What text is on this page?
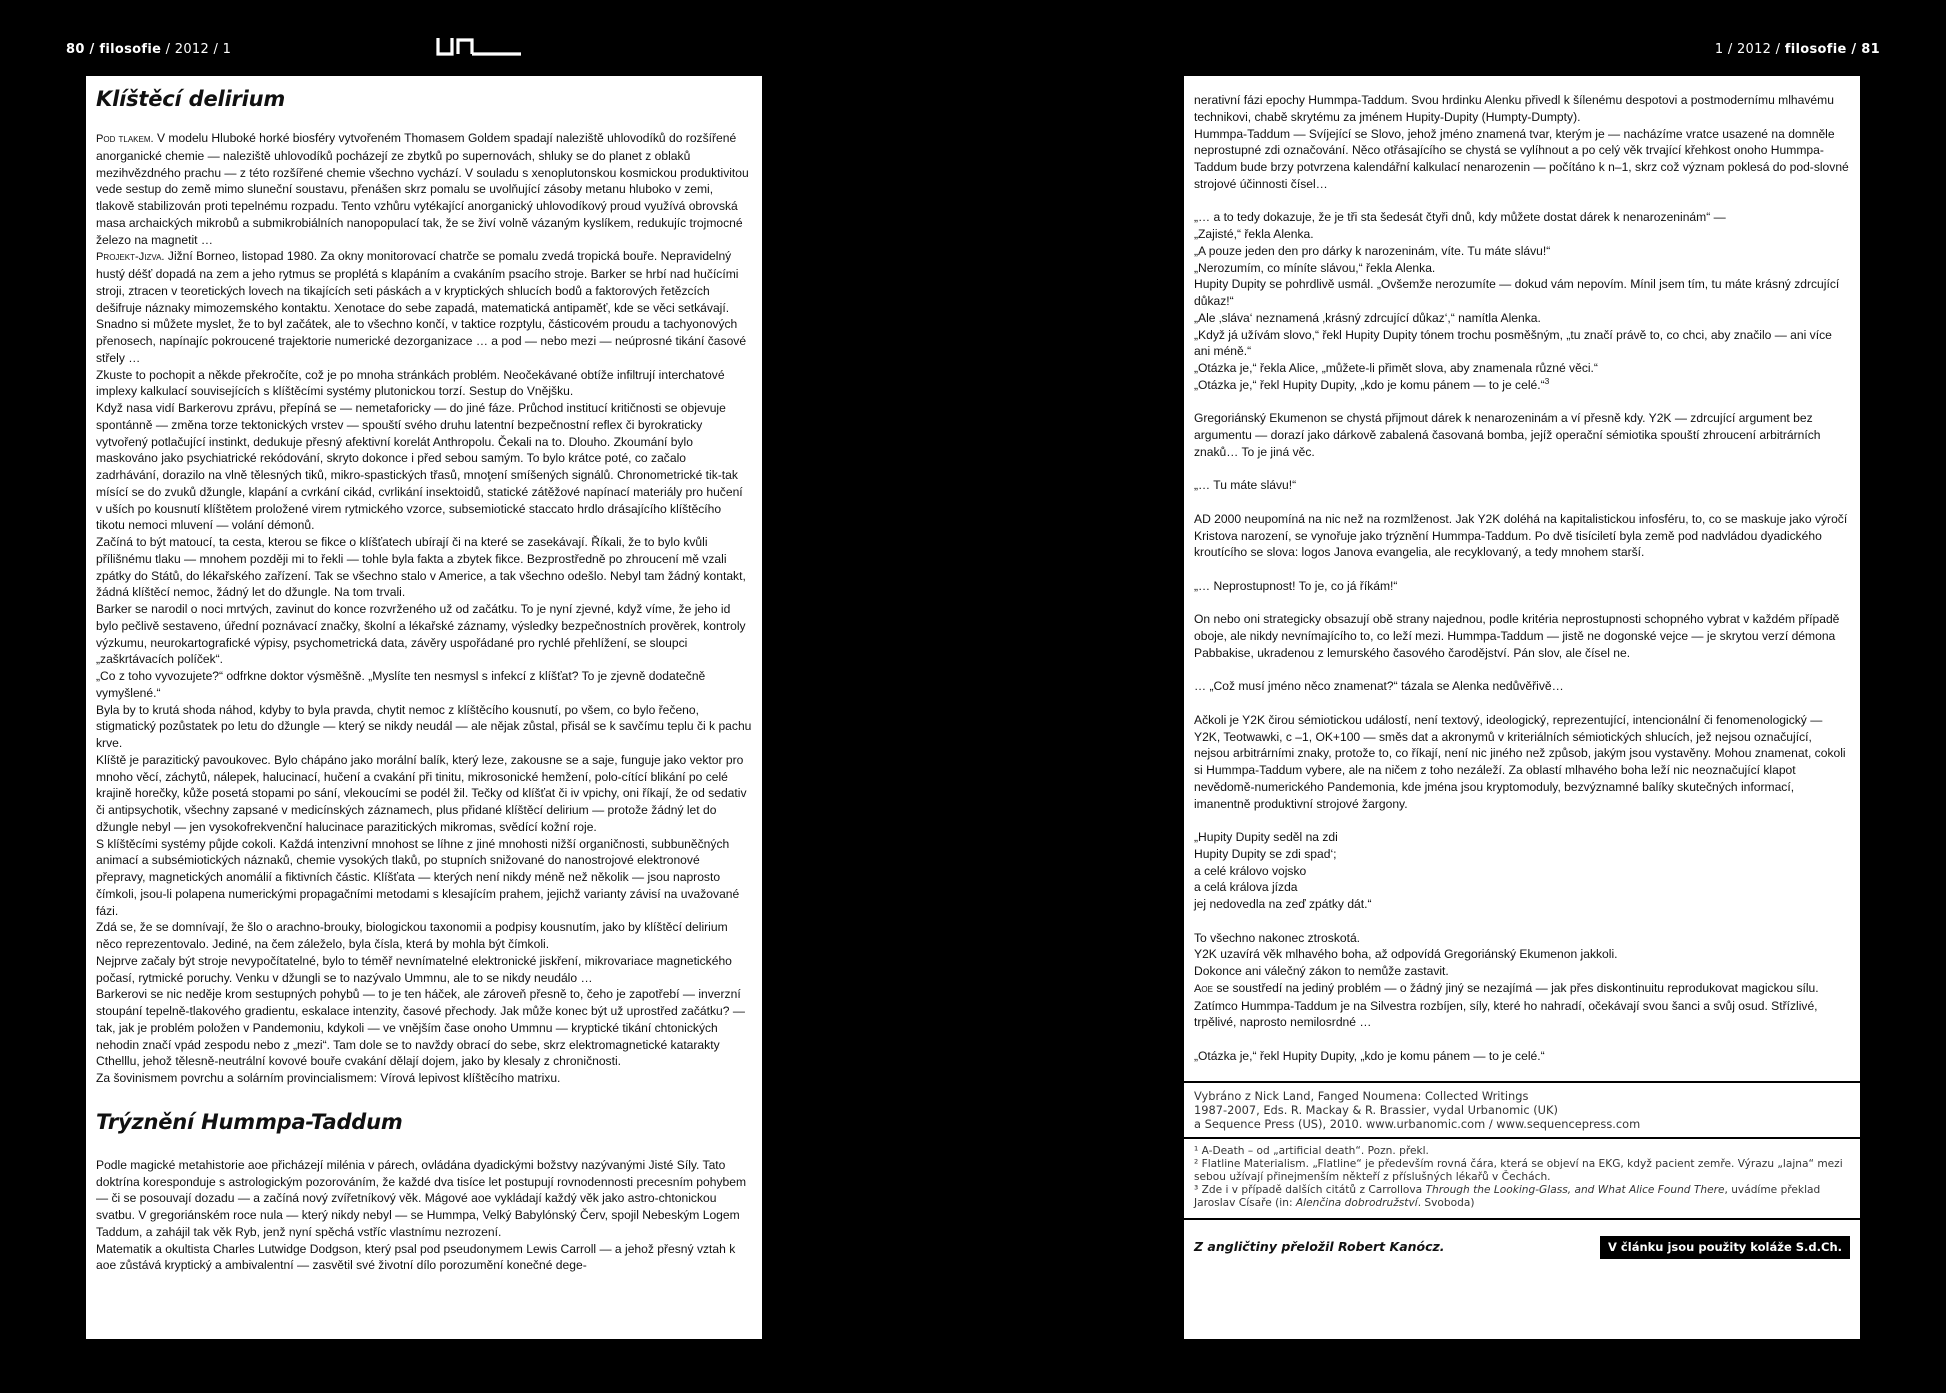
80 / filosofie / 2012 / 1	1 / 2012 / filosofie / 81
Klíštěcí delirium

Pod tlakem. V modelu Hluboké horké biosféry vytvořeném Thomasem Goldem spadají naleziště uhlovodíků do rozšířené anorganické chemie — naleziště uhlovodíků pocházejí ze zbytků po supernovách, shluky se do planet z oblaků mezihvězdného prachu — z této rozšířené chemie všechno vychází. V souladu s xenoplutonskou kosmickou produktivitou vede sestup do země mimo sluneční soustavu, přenášen skrz pomalu se uvolňující zásoby metanu hluboko v zemi, tlakově stabilizován proti tepelnému rozpadu. Tento vzhůru vytékající anorganický uhlovodíkový proud využívá obrovská masa archaických mikrobů a submikrobiálních nanopopulací tak, že se živí volně vázaným kyslíkem, redukujíc trojmocné železo na magnetit …

Projekt-Jizva. Jižní Borneo, listopad 1980. Za okny monitorovací chatrče se pomalu zvedá tropická bouře. Nepravidelný hustý déšť dopadá na zem a jeho rytmus se proplétá s klapáním a cvakáním psacího stroje. Barker se hrbí nad hučícími stroji, ztracen v teoretických lovech na tikajících seti páskách a v kryptických shlucích bodů a faktorových řetězcích dešifruje náznaky mimozemského kontaktu. Xenotace do sebe zapadá, matematická antipaměť, kde se věci setkávají. Snadno si můžete myslet, že to byl začátek, ale to všechno končí, v taktice rozptylu, částicovém proudu a tachyonových přenosech, napínajíc pokroucené trajektorie numerické dezorganizace … a pod — nebo mezi — neúprosné tikání časové střely …

Zkuste to pochopit a někde překročíte, což je po mnoha stránkách problém. Neočekávané obtíže infiltrují interchatové implexy kalkulací souvisejících s klíštěcími systémy plutonickou torzí. Sestup do Vnějšku.

Když nasa vidí Barkerovu zprávu, přepíná se — nemetaforicky — do jiné fáze. Průchod institucí kritičnosti se objevuje spontánně — změna torze tektonických vrstev — spouští svého druhu latentní bezpečnostní reflex či byrokraticky vytvořený potlačující instinkt, dedukuje přesný afektivní korelát Anthropolu. Čekali na to. Dlouho. Zkoumání bylo maskováno jako psychiatrické rekódování, skryto dokonce i před sebou samým. To bylo krátce poté, co začalo zadrhávání, dorazilo na vlně tělesných tiků, mikro-spastických třasů, mnoţení smíšených signálů. Chronometrické tik-tak mísící se do zvuků džungle, klapání a cvrkání cikád, cvrlikání insektoidů, statické zátěžové napínací materiály pro hučení v uších po kousnutí klíštětem proložené virem rytmického vzorce, subsemiotické staccato hrdlo drásajícího klíštěcího tikotu nemoci mluvení — volání démonů.

Začíná to být matoucí, ta cesta, kterou se fikce o klíšťatech ubírají či na které se zasekávají. Říkali, že to bylo kvůli přílišnému tlaku — mnohem později mi to řekli — tohle byla fakta a zbytek fikce. Bezprostředně po zhroucení mě vzali zpátky do Států, do lékařského zařízení. Tak se všechno stalo v Americe, a tak všechno odešlo. Nebyl tam žádný kontakt, žádná klíštěcí nemoc, žádný let do džungle. Na tom trvali.

Barker se narodil o noci mrtvých, zavinut do konce rozvrženého už od začátku. To je nyní zjevné, když víme, že jeho id bylo pečlivě sestaveno, úřední poznávací značky, školní a lékařské záznamy, výsledky bezpečnostních prověrek, kontroly výzkumu, neurokartografické výpisy, psychometrická data, závěry uspořádané pro rychlé přehlížení, se sloupci „zaškrtávacích políček“.

„Co z toho vyvozujete?“ odfrkne doktor výsměšně. „Myslíte ten nesmysl s infekcí z klíšťat? To je zjevně dodatečně vymyšlené.“

Byla by to krutá shoda náhod, kdyby to byla pravda, chytit nemoc z klíštěcího kousnutí, po všem, co bylo řečeno, stigmatický pozůstatek po letu do džungle — který se nikdy neudál — ale nějak zůstal, přisál se k savčímu teplu či k pachu krve.

Klíště je parazitický pavoukovec. Bylo chápáno jako morální balík, který leze, zakousne se a saje, funguje jako vektor pro mnoho věcí, záchytů, nálepek, halucinací, hučení a cvakání při tinitu, mikrosonické hemžení, polo-cítící blikání po celé krajině horečky, kůže posetá stopami po sání, vlekoucími se podél žil. Tečky od klíšťat či iv vpichy, oni říkají, že od sedativ či antipsychotik, všechny zapsané v medicínských záznamech, plus přidané klíštěcí delirium — protože žádný let do džungle nebyl — jen vysokofrekvenční halucinace parazitických mikromas, svědící kožní roje.

S klíštěcími systémy půjde cokoli. Každá intenzivní mnohost se líhne z jiné mnohosti nižší organičnosti, subbuněčných animací a subsémiotických náznaků, chemie vysokých tlaků, po stupních snižované do nanostrojové elektronové přepravy, magnetických anomálií a fiktivních částic. Klíšťata — kterých není nikdy méně než několik — jsou naprosto čímkoli, jsou-li polapena numerickými propagačními metodami s klesajícím prahem, jejichž varianty závisí na uvažované fázi.

Zdá se, že se domnívají, že šlo o arachno-brouky, biologickou taxonomii a podpisy kousnutím, jako by klíštěcí delirium něco reprezentovalo. Jediné, na čem záleželo, byla čísla, která by mohla být čímkoli.

Nejprve začaly být stroje nevypočítatelné, bylo to téměř nevnímatelné elektronické jiskření, mikrovariace magnetického počasí, rytmické poruchy. Venku v džungli se to nazývalo Ummnu, ale to se nikdy neudálo …

Barkerovi se nic neděje krom sestupných pohybů — to je ten háček, ale zároveň přesně to, čeho je zapotřebí — inverzní stoupání tepelně-tlakového gradientu, eskalace intenzity, časové přechody. Jak může konec být už uprostřed začátku? — tak, jak je problém položen v Pandemoniu, kdykoli — ve vnějším čase onoho Ummnu — kryptické tikání chtonických nehodin značí vpád zespodu nebo z „mezi“. Tam dole se to navždy obrací do sebe, skrz elektromagnetické katarakty Cthelllu, jehož tělesně-neutrální kovové bouře cvakání dělají dojem, jako by klesaly z chroničnosti.

Za šovinismem povrchu a solárním provincialismem: Vírová lepivost klíštěcího matrixu.

Trýznění Hummpa-Taddum

Podle magické metahistorie aoe přicházejí milénia v párech, ovládána dyadickými božstvy nazývanými Jisté Síly. Tato doktrína koresponduje s astrologickým pozorováním, že každé dva tisíce let postupují rovnodennosti precesním pohybem — či se posouvají dozadu — a začíná nový zvířetníkový věk. Mágové aoe vykládají každý věk jako astro-chtonickou svatbu. V gregoriánském roce nula — který nikdy nebyl — se Hummpa, Velký Babylónský Červ, spojil Nebeským Logem Taddum, a zahájil tak věk Ryb, jenž nyní spěchá vstříc vlastnímu nezrození.

Matematik a okultista Charles Lutwidge Dodgson, který psal pod pseudonymem Lewis Carroll — a jehož přesný vztah k aoe zůstává kryptický a ambivalentní — zasvětil své životní dílo porozumění konečné dege-

nerativní fázi epochy Hummpa-Taddum. Svou hrdinku Alenku přivedl k šílenému despotovi a postmodernímu mlhavému technikovi, chabě skrytému za jménem Hupity-Dupity (Humpty-Dumpty).

Hummpa-Taddum — Svíjející se Slovo, jehož jméno znamená tvar, kterým je — nacházíme vratce usazené na domněle neprostupné zdi označování. Něco otřásajícího se chystá se vylíhnout a po celý věk trvající křehkost onoho Hummpa-Taddum bude brzy potvrzena kalendářní kalkulací nenarozenin — počítáno k n–1, skrz což význam poklesá do pod-slovné strojové účinnosti čísel…

„… a to tedy dokazuje, že je tři sta šedesát čtyři dnů, kdy můžete dostat dárek k nenarozeninám“ —

„Zajisté,“ řekla Alenka.

„A pouze jeden den pro dárky k narozeninám, víte. Tu máte slávu!“

„Nerozumím, co míníte slávou,“ řekla Alenka.

Hupity Dupity se pohrdlivě usmál. „Ovšemže nerozumíte — dokud vám nepovím. Mínil jsem tím, tu máte krásný zdrcující důkaz!“

„Ale ‚sláva‘ neznamená ‚krásný zdrcující důkaz‘,“ namítla Alenka.

„Když já užívám slovo,“ řekl Hupity Dupity tónem trochu posměšným, „tu značí právě to, co chci, aby značilo — ani více ani méně.“

„Otázka je,“ řekla Alice, „můžete-li přimět slova, aby znamenala různé věci.“

„Otázka je,“ řekl Hupity Dupity, „kdo je komu pánem — to je celé.“$^3$

Gregoriánský Ekumenon se chystá přijmout dárek k nenarozeninám a ví přesně kdy. Y2K — zdrcující argument bez argumentu — dorazí jako dárkově zabalená časovaná bomba, jejíž operační sémiotika spouští zhroucení arbitrárních znaků… To je jiná věc.

„… Tu máte slávu!“

AD 2000 neupomíná na nic než na rozmlženost. Jak Y2K doléhá na kapitalistickou infosféru, to, co se maskuje jako výročí Kristova narození, se vynořuje jako trýznění Hummpa-Taddum. Po dvě tisíciletí byla země pod nadvládou dyadického kroutícího se slova: logos Janova evangelia, ale recyklovaný, a tedy mnohem starší.

„… Neprostupnost! To je, co já říkám!“

On nebo oni strategicky obsazují obě strany najednou, podle kritéria neprostupnosti schopného vybrat v každém případě oboje, ale nikdy nevnímajícího to, co leží mezi. Hummpa-Taddum — jistě ne dogonské vejce — je skrytou verzí démona Pabbakise, ukradenou z lemurského časového čarodějství. Pán slov, ale čísel ne.

… „Což musí jméno něco znamenat?“ tázala se Alenka nedůvěřivě…

Ačkoli je Y2K čirou sémiotickou událostí, není textový, ideologický, reprezentující, intencionální či fenomenologický — Y2K, Teotwawki, c –1, OK+100 — směs dat a akronymů v kriteriálních sémiotických shlucích, jež nejsou označující, nejsou arbitrárními znaky, protože to, co říkají, není nic jiného než způsob, jakým jsou vystavěny. Mohou znamenat, cokoli si Hummpa-Taddum vybere, ale na ničem z toho nezáleží. Za oblastí mlhavého boha leží nic neoznačující klapot nevědomě-numerického Pandemonia, kde jména jsou kryptomoduly, bezvýznamné balíky skutečných informací, imanentně produktivní strojové žargony.

„Hupity Dupity seděl na zdi

Hupity Dupity se zdi spad‘;

a celé královo vojsko

a celá králova jízda

jej nedovedla na zeď zpátky dát.“

To všechno nakonec ztroskotá.

Y2K uzavírá věk mlhavého boha, až odpovídá Gregoriánský Ekumenon jakkoli.

Dokonce ani válečný zákon to nemůže zastavit.

Aoe se soustředí na jediný problém — o žádný jiný se nezajímá — jak přes diskontinuitu reprodukovat magickou sílu. Zatímco Hummpa-Taddum je na Silvestra rozbíjen, síly, které ho nahradí, očekávají svou šanci a svůj osud. Střízlivé, trpělivé, naprosto nemilosrdné …

„Otázka je,“ řekl Hupity Dupity, „kdo je komu pánem — to je celé.“

Vybráno z Nick Land, Fanged Noumena: Collected Writings

1987-2007, Eds. R. Mackay & R. Brassier, vydal Urbanomic (UK)

a Sequence Press (US), 2010. www.urbanomic.com / www.sequencepress.com

¹ A-Death – od „artificial death“. Pozn. překl.

² Flatline Materialism. „Flatline“ je především rovná čára, která se objeví na EKG, když pacient zemře. Výrazu „lajna“ mezi sebou užívají přinejmenším někteří z příslušných lékařů v Čechách.

³ Zde i v případě dalších citátů z Carrollova Through the Looking-Glass, and What Alice Found There, uvádíme překlad Jaroslav Císaře (in: Alenčina dobrodružství. Svoboda)

Z angličtiny přeložil Robert Kanócz.	V článku jsou použity koláže S.d.Ch.
